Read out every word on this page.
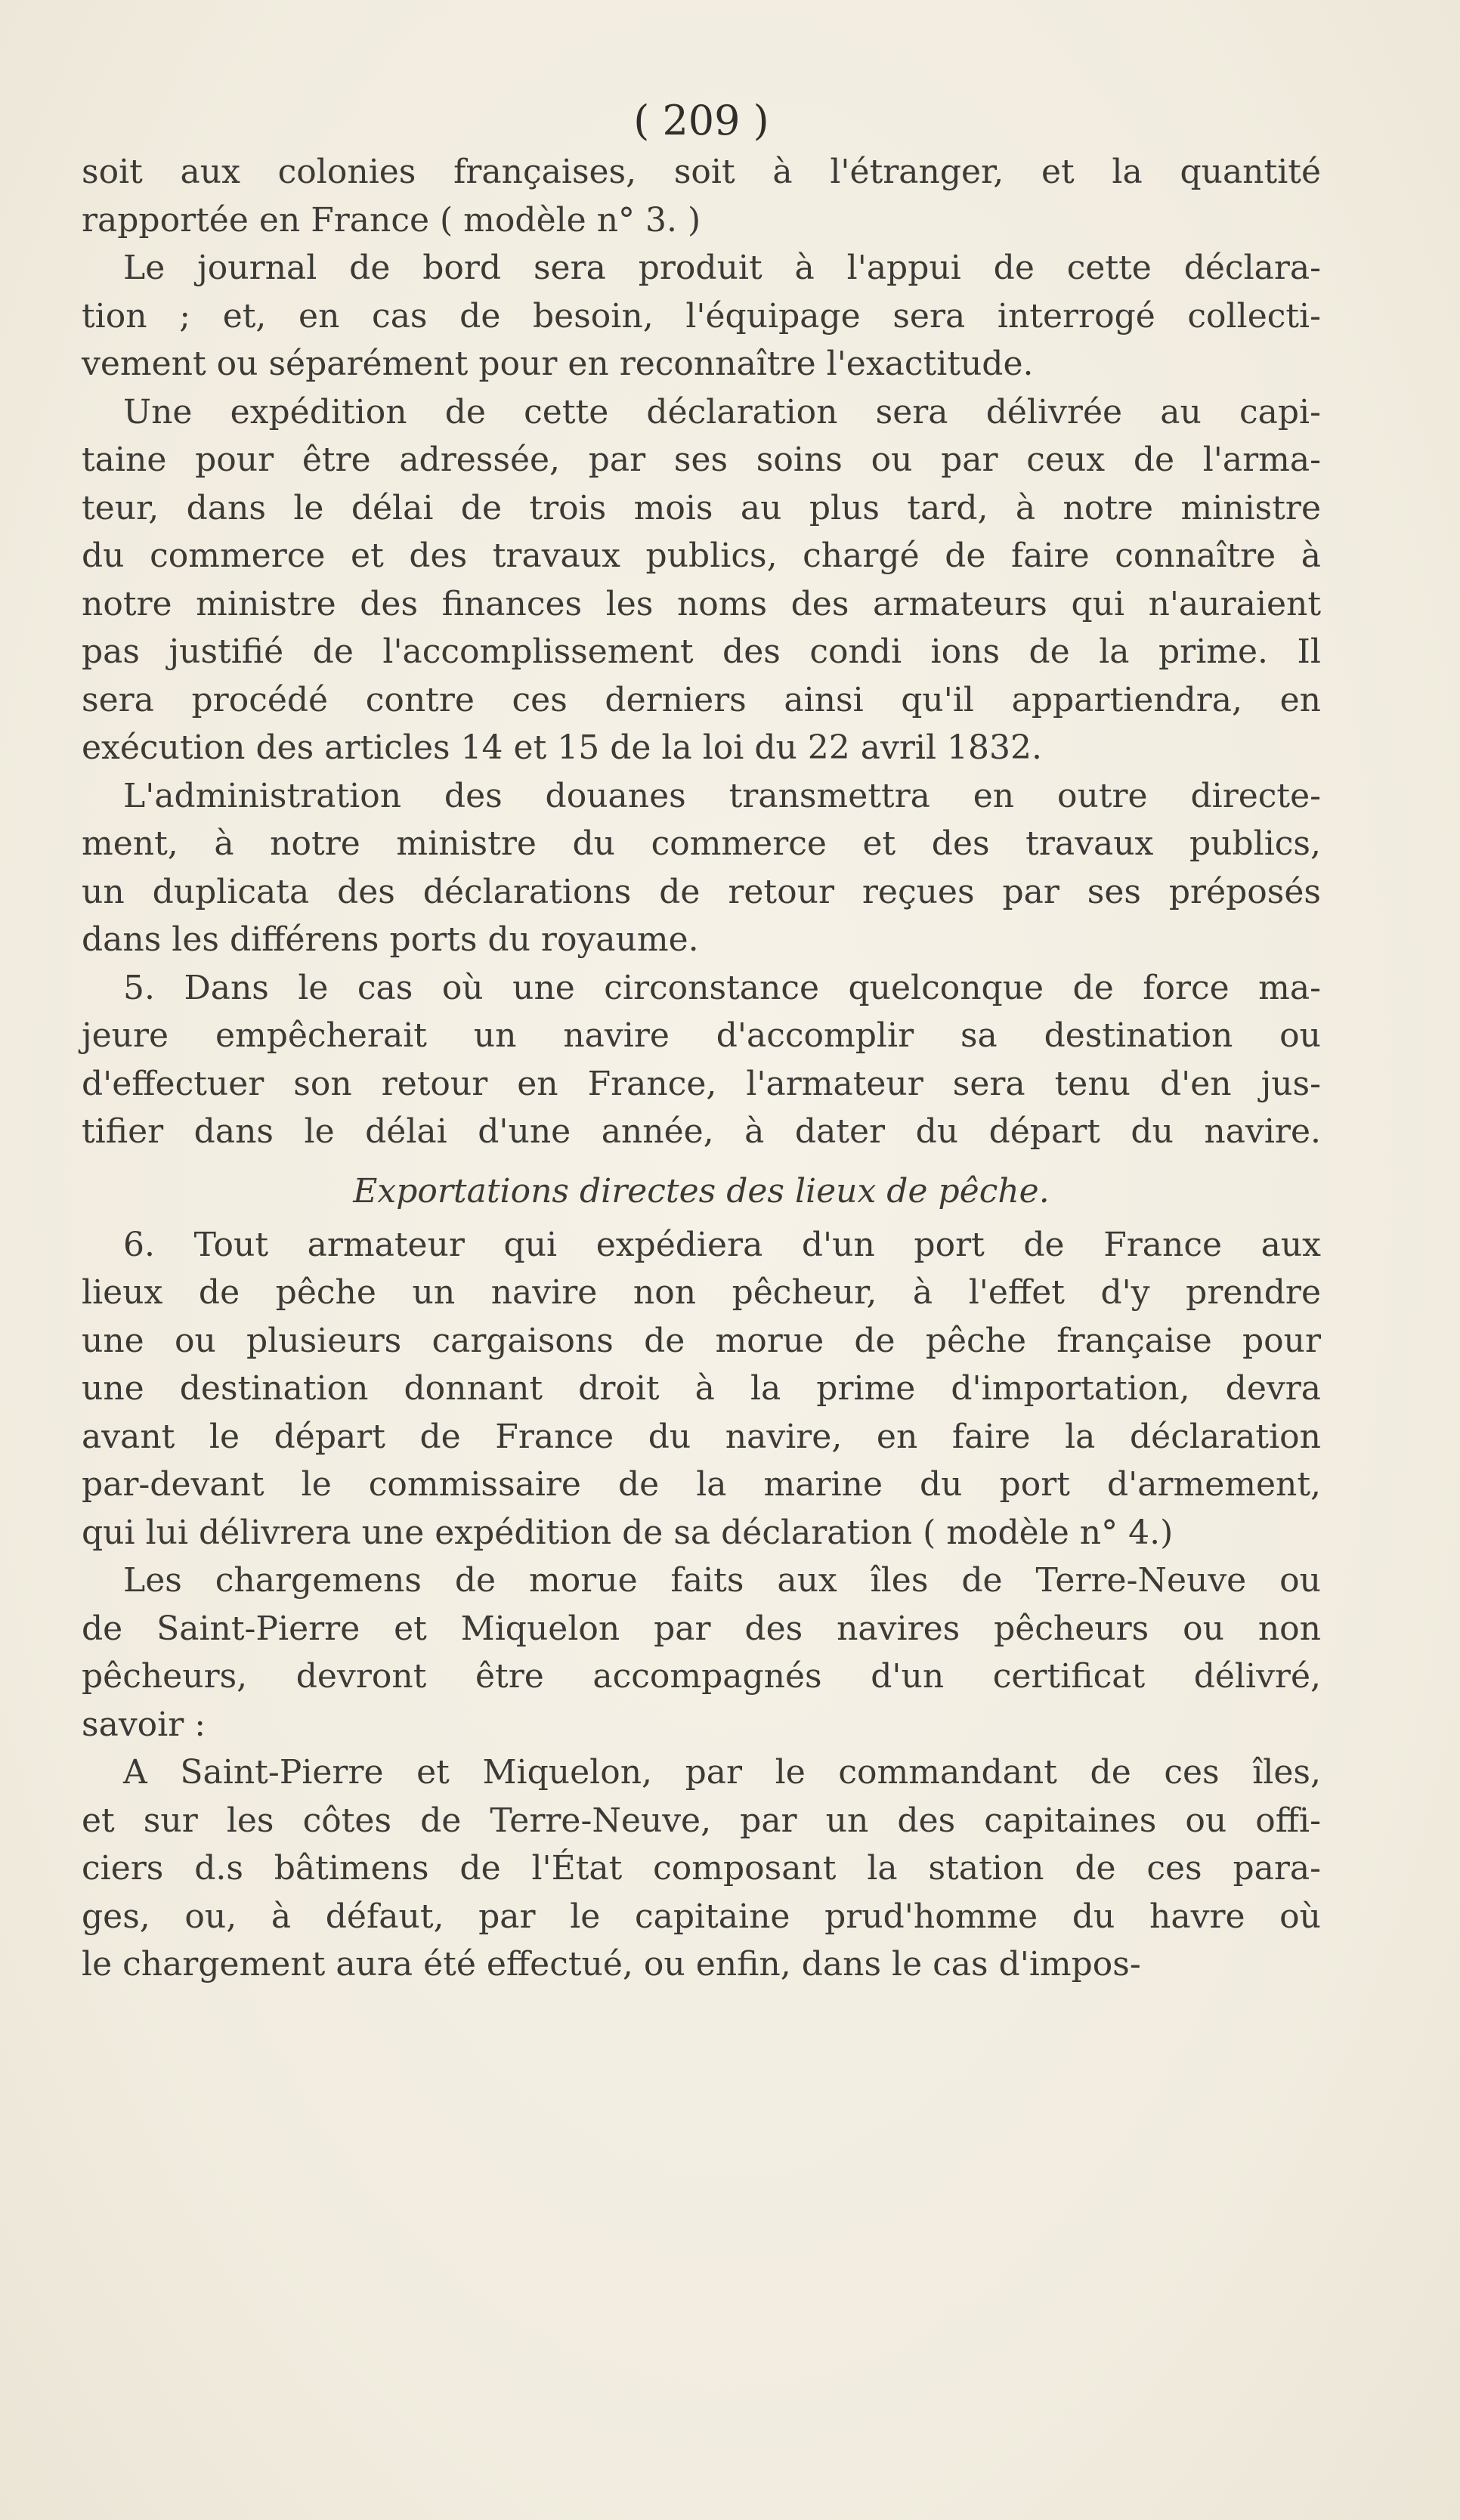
( 209 )
soit aux colonies françaises, soit à l'étranger, et la quantité
rapportée en France ( modèle n° 3. )
Le journal de bord sera produit à l'appui de cette déclara-
tion ; et, en cas de besoin, l'équipage sera interrogé collecti-
vement ou séparément pour en reconnaître l'exactitude.
Une expédition de cette déclaration sera délivrée au capi-
taine pour être adressée, par ses soins ou par ceux de l'arma-
teur, dans le délai de trois mois au plus tard, à notre ministre
du commerce et des travaux publics, chargé de faire connaître à
notre ministre des finances les noms des armateurs qui n'auraient
pas justifié de l'accomplissement des condi ions de la prime. Il
sera procédé contre ces derniers ainsi qu'il appartiendra, en
exécution des articles 14 et 15 de la loi du 22 avril 1832.
L'administration des douanes transmettra en outre directe-
ment, à notre ministre du commerce et des travaux publics,
un duplicata des déclarations de retour reçues par ses préposés
dans les différens ports du royaume.
5. Dans le cas où une circonstance quelconque de force ma-
jeure empêcherait un navire d'accomplir sa destination ou
d'effectuer son retour en France, l'armateur sera tenu d'en jus-
tifier dans le délai d'une année, à dater du départ du navire.
Exportations directes des lieux de pêche.
6. Tout armateur qui expédiera d'un port de France aux
lieux de pêche un navire non pêcheur, à l'effet d'y prendre
une ou plusieurs cargaisons de morue de pêche française pour
une destination donnant droit à la prime d'importation, devra
avant le départ de France du navire, en faire la déclaration
par-devant le commissaire de la marine du port d'armement,
qui lui délivrera une expédition de sa déclaration ( modèle n° 4.)
Les chargemens de morue faits aux îles de Terre-Neuve ou
de Saint-Pierre et Miquelon par des navires pêcheurs ou non
pêcheurs, devront être accompagnés d'un certificat délivré,
savoir :
A Saint-Pierre et Miquelon, par le commandant de ces îles,
et sur les côtes de Terre-Neuve, par un des capitaines ou offi-
ciers d.s bâtimens de l'État composant la station de ces para-
ges, ou, à défaut, par le capitaine prud'homme du havre où
le chargement aura été effectué, ou enfin, dans le cas d'impos-
